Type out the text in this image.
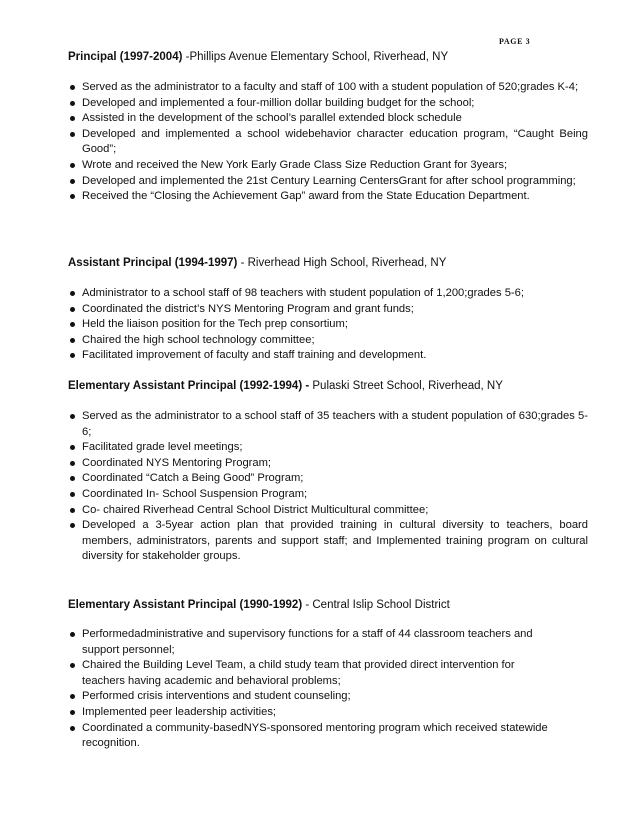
PAGE 3

Principal (1997-2004) -Phillips Avenue Elementary School, Riverhead, NY

Served as the administrator to a faculty and staff of 100 with a student population of 520;grades K-4;
Developed and implemented a four-million dollar building budget for the school;
Assisted in the development of the school’s parallel extended block schedule
Developed and implemented a school widebehavior character education program, “Caught Being Good”;
Wrote and received the New York Early Grade Class Size Reduction Grant for 3years;
Developed and implemented the 21st Century Learning CentersGrant for after school programming;
Received the “Closing the Achievement Gap” award from the State Education Department.

Assistant Principal (1994-1997) - Riverhead High School, Riverhead, NY

Administrator to a school staff of 98 teachers with student population of 1,200;grades 5-6;
Coordinated the district’s NYS Mentoring Program and grant funds;
Held the liaison position for the Tech prep consortium;
Chaired the high school technology committee;
Facilitated improvement of faculty and staff training and development.

Elementary Assistant Principal (1992-1994) - Pulaski Street School, Riverhead, NY

Served as the administrator to a school staff of 35 teachers with a student population of 630;grades 5-6;
Facilitated grade level meetings;
Coordinated NYS Mentoring Program;
Coordinated “Catch a Being Good” Program;
Coordinated In- School Suspension Program;
Co- chaired Riverhead Central School District Multicultural committee;
Developed a 3-5year action plan that provided training in cultural diversity to teachers, board members, administrators, parents and support staff; and Implemented training program on cultural diversity for stakeholder groups.

Elementary Assistant Principal (1990-1992) - Central Islip School District

Performedadministrative and supervisory functions for a staff of 44 classroom teachers and support personnel;
Chaired the Building Level Team, a child study team that provided direct intervention for teachers having academic and behavioral problems;
Performed crisis interventions and student counseling;
Implemented peer leadership activities;
Coordinated a community-basedNYS-sponsored mentoring program which received statewide recognition.
